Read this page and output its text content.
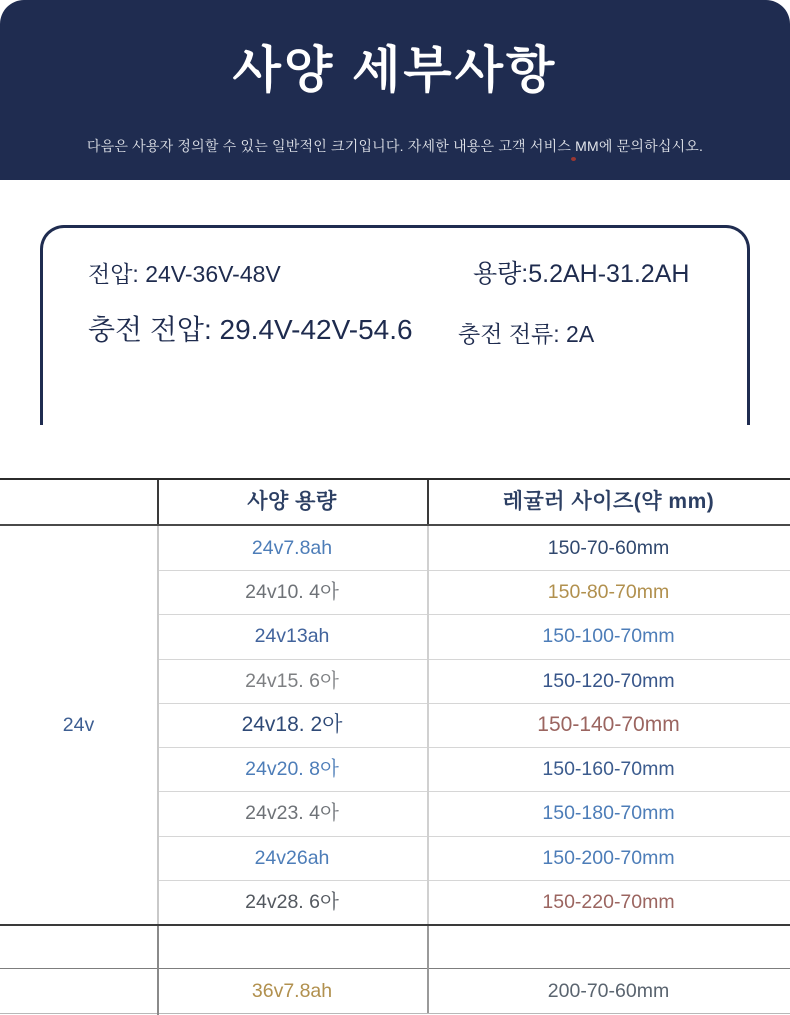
사양 세부사항

다음은 사용자 정의할 수 있는 일반적인 크기입니다. 자세한 내용은 고객 서비스 MM에 문의하십시오.

전압: 24V-36V-48V	용량:5.2AH-31.2AH
충전 전압: 29.4V-42V-54.6 충전 전류: 2A
사양 용량	레귤러 사이즈(약 mm)
24v
24v7.8ah	150-70-60mm
24v10. 4아	150-80-70mm
24v13ah	150-100-70mm
24v15. 6아	150-120-70mm
24v18. 2아	150-140-70mm
24v20. 8아	150-160-70mm
24v23. 4아	150-180-70mm
24v26ah	150-200-70mm
24v28. 6아	150-220-70mm
36v7.8ah	200-70-60mm
